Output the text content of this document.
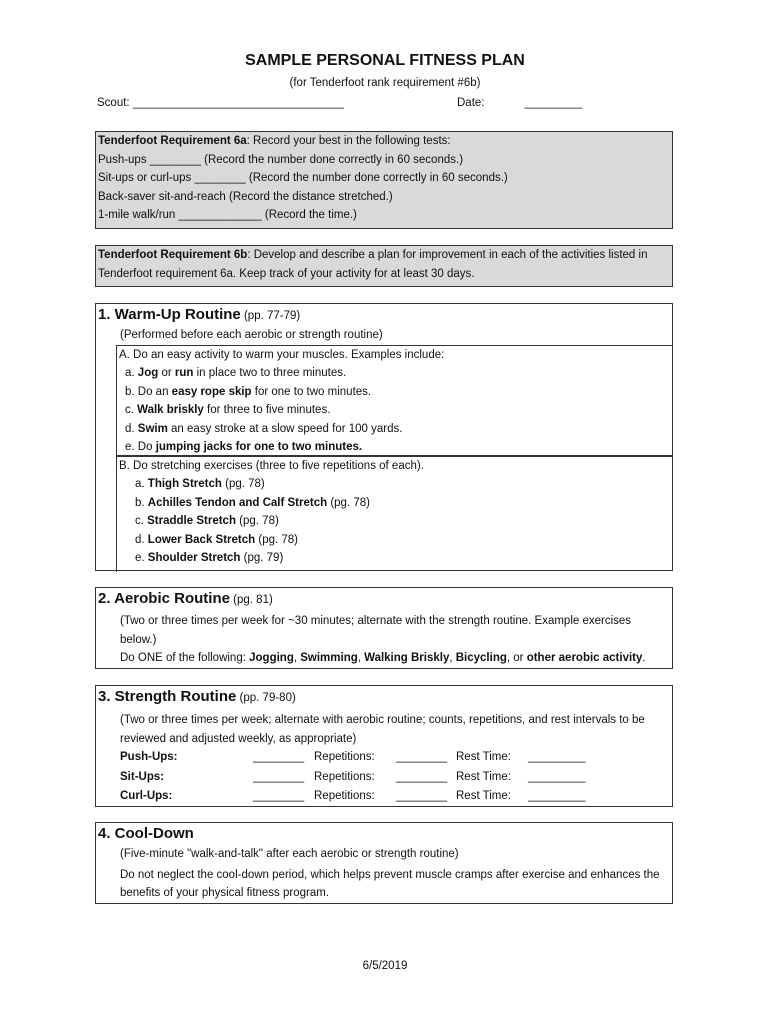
SAMPLE PERSONAL FITNESS PLAN
(for Tenderfoot rank requirement #6b)
Scout: _________________________________	Date:	_________
Tenderfoot Requirement 6a: Record your best in the following tests:
Push-ups ________ (Record the number done correctly in 60 seconds.)
Sit-ups or curl-ups ________ (Record the number done correctly in 60 seconds.)
Back-saver sit-and-reach (Record the distance stretched.)
1-mile walk/run _____________ (Record the time.)
Tenderfoot Requirement 6b: Develop and describe a plan for improvement in each of the activities listed in Tenderfoot requirement 6a. Keep track of your activity for at least 30 days.
1. Warm-Up Routine (pp. 77-79)
(Performed before each aerobic or strength routine)
A. Do an easy activity to warm your muscles. Examples include:
a. Jog or run in place two to three minutes.
b. Do an easy rope skip for one to two minutes.
c. Walk briskly for three to five minutes.
d. Swim an easy stroke at a slow speed for 100 yards.
e. Do jumping jacks for one to two minutes.
B. Do stretching exercises (three to five repetitions of each).
a. Thigh Stretch (pg. 78)
b. Achilles Tendon and Calf Stretch (pg. 78)
c. Straddle Stretch (pg. 78)
d. Lower Back Stretch (pg. 78)
e. Shoulder Stretch (pg. 79)
2. Aerobic Routine (pg. 81)
(Two or three times per week for ~30 minutes; alternate with the strength routine. Example exercises below.)
Do ONE of the following: Jogging, Swimming, Walking Briskly, Bicycling, or other aerobic activity.
3. Strength Routine (pp. 79-80)
(Two or three times per week; alternate with aerobic routine; counts, repetitions, and rest intervals to be reviewed and adjusted weekly, as appropriate)
Push-Ups:	________ Repetitions: ________ Rest Time: _________
Sit-Ups:	________ Repetitions: ________ Rest Time: _________
Curl-Ups:	________ Repetitions: ________ Rest Time: _________
4. Cool-Down
(Five-minute "walk-and-talk" after each aerobic or strength routine)
Do not neglect the cool-down period, which helps prevent muscle cramps after exercise and enhances the benefits of your physical fitness program.
6/5/2019
